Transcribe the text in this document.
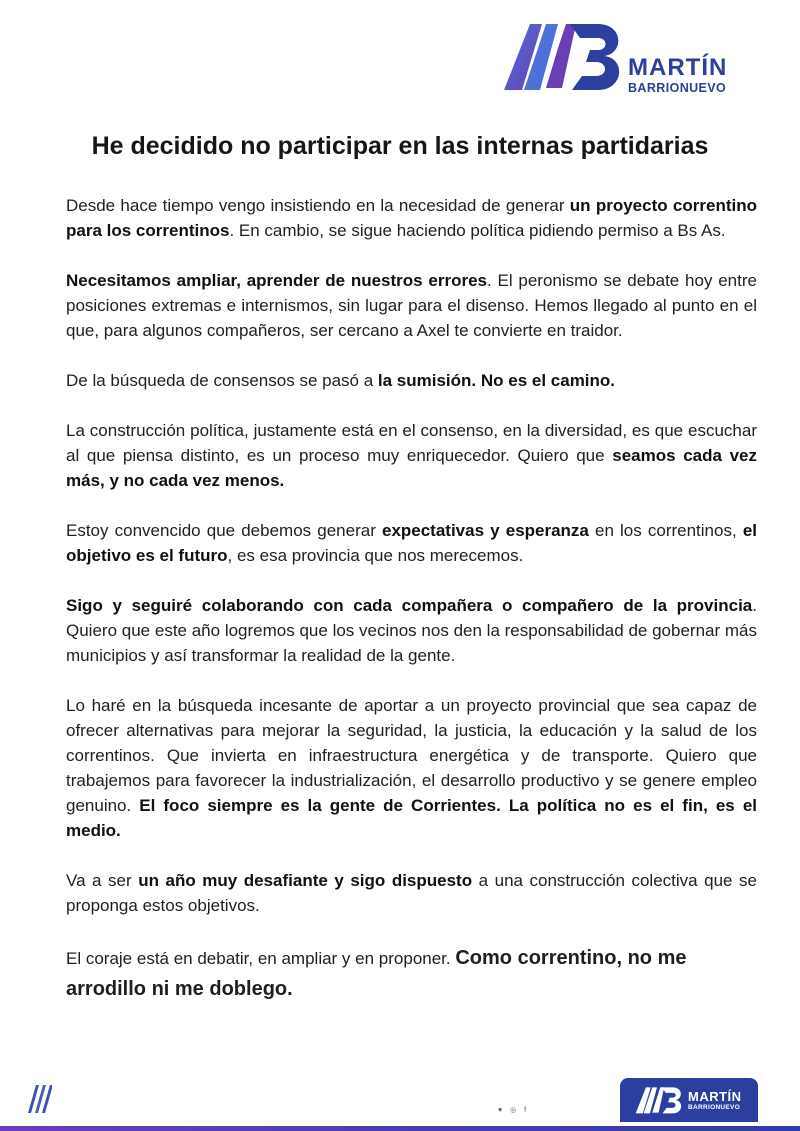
MARTÍN
BARRIONUEVO
He decidido no participar en las internas partidarias

Desde hace tiempo vengo insistiendo en la necesidad de generar un proyecto correntino para los correntinos. En cambio, se sigue haciendo política pidiendo permiso a Bs As.

Necesitamos ampliar, aprender de nuestros errores. El peronismo se debate hoy entre posiciones extremas e internismos, sin lugar para el disenso. Hemos llegado al punto en el que, para algunos compañeros, ser cercano a Axel te convierte en traidor.

De la búsqueda de consensos se pasó a la sumisión. No es el camino.

La construcción política, justamente está en el consenso, en la diversidad, es que escuchar al que piensa distinto, es un proceso muy enriquecedor. Quiero que seamos cada vez más, y no cada vez menos.

Estoy convencido que debemos generar expectativas y esperanza en los correntinos, el objetivo es el futuro, es esa provincia que nos merecemos.

Sigo y seguiré colaborando con cada compañera o compañero de la provincia. Quiero que este año logremos que los vecinos nos den la responsabilidad de gobernar más municipios y así transformar la realidad de la gente.

Lo haré en la búsqueda incesante de aportar a un proyecto provincial que sea capaz de ofrecer alternativas para mejorar la seguridad, la justicia, la educación y la salud de los correntinos. Que invierta en infraestructura energética y de transporte. Quiero que trabajemos para favorecer la industrialización, el desarrollo productivo y se genere empleo genuino. El foco siempre es la gente de Corrientes. La política no es el fin, es el medio.

Va a ser un año muy desafiante y sigo dispuesto a una construcción colectiva que se proponga estos objetivos.

El coraje está en debatir, en ampliar y en proponer. Como correntino, no me arrodillo ni me doblego.

♥ ◎ f
MARTÍN
BARRIONUEVO
